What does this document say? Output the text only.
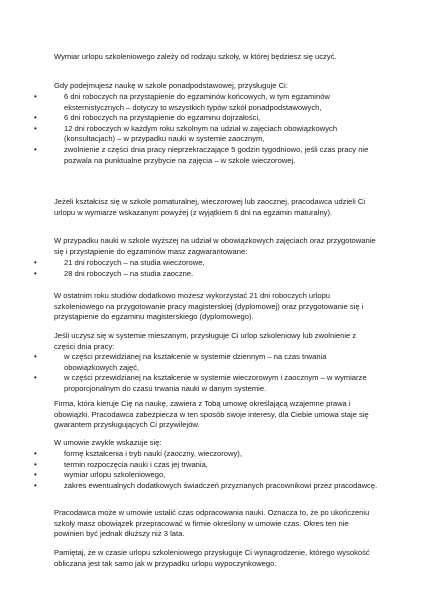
Wymiar urlopu szkoleniowego zależy od rodzaju szkoły, w której będziesz się uczyć.

Gdy podejmujesz naukę w szkole ponadpodstawowej, przysługuje Ci:

• 6 dni roboczych na przystąpienie do egzaminów końcowych, w tym egzaminów eksternistycznych – dotyczy to wszystkich typów szkół ponadpodstawowych,
• 6 dni roboczych na przystąpienie do egzaminu dojrzałości,
• 12 dni roboczych w każdym roku szkolnym na udział w zajęciach obowiązkowych (konsultacjach) – w przypadku nauki w systemie zaocznym,
• zwolnienie z części dnia pracy nieprzekraczające 5 godzin tygodniowo, jeśli czas pracy nie pozwala na punktualne przybycie na zajęcia – w szkole wieczorowej.

Jeżeli kształcisz się w szkole pomaturalnej, wieczorowej lub zaocznej, pracodawca udzieli Ci urlopu w wymiarze wskazanym powyżej (z wyjątkiem 6 dni na egzamin maturalny).

W przypadku nauki w szkole wyższej na udział w obowiązkowych zajęciach oraz przygotowanie się i przystąpienie do egzaminów masz zagwarantowane:

• 21 dni roboczych – na studia wieczorowe,
• 28 dni roboczych – na studia zaoczne.

W ostatnim roku studiów dodatkowo możesz wykorzystać 21 dni roboczych urlopu szkoleniowego na przygotowanie pracy magisterskiej (dyplomowej) oraz przygotowanie się i przystąpienie do egzaminu magisterskiego (dyplomowego).

Jeśli uczysz się w systemie mieszanym, przysługuje Ci urlop szkoleniowy lub zwolnienie z części dnia pracy:

• w części przewidzianej na kształcenie w systemie dziennym – na czas trwania obowiązkowych zajęć,
• w części przewidzianej na kształcenie w systemie wieczorowym i zaocznym – w wymiarze proporcjonalnym do czasu trwania nauki w danym systemie.

Firma, która kieruje Cię na naukę, zawiera z Tobą umowę określającą wzajemne prawa i obowiązki. Pracodawca zabezpiecza w ten sposób swoje interesy, dla Ciebie umowa staje się gwarantem przysługujących Ci przywilejów.

W umowie zwykle wskazuje się:

• formę kształcenia i tryb nauki (zaoczny, wieczorowy),
• termin rozpoczęcia nauki i czas jej trwania,
• wymiar urlopu szkoleniowego,
• zakres ewentualnych dodatkowych świadczeń przyznanych pracownikowi przez pracodawcę.

Pracodawca może w umowie ustalić czas odpracowania nauki. Oznacza to, że po ukończeniu szkoły masz obowiązek przepracować w firmie określony w umowie czas. Okres ten nie powinien być jednak dłuższy niż 3 lata.

Pamiętaj, że w czasie urlopu szkoleniowego przysługuje Ci wynagrodzenie, którego wysokość obliczana jest tak samo jak w przypadku urlopu wypoczynkowego.
